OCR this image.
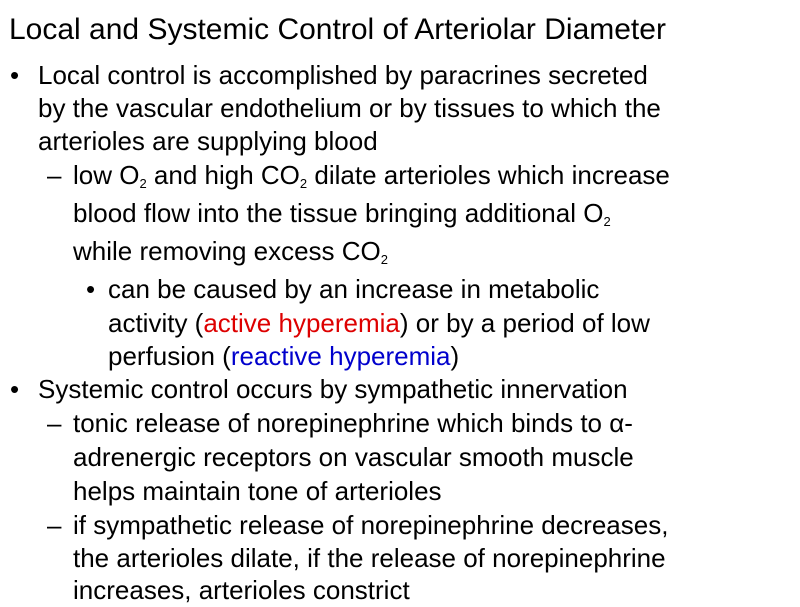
Local and Systemic Control of Arteriolar Diameter
• Local control is accomplished by paracrines secreted
by the vascular endothelium or by tissues to which the
arterioles are supplying blood
– low $O_2$ and high $CO_2$ dilate arterioles which increase
blood flow into the tissue bringing additional $O_2$
while removing excess $CO_2$
• can be caused by an increase in metabolic
activity (active hyperemia) or by a period of low
perfusion (reactive hyperemia)
• Systemic control occurs by sympathetic innervation
– tonic release of norepinephrine which binds to α-
adrenergic receptors on vascular smooth muscle
helps maintain tone of arterioles
– if sympathetic release of norepinephrine decreases,
the arterioles dilate, if the release of norepinephrine
increases, arterioles constrict
